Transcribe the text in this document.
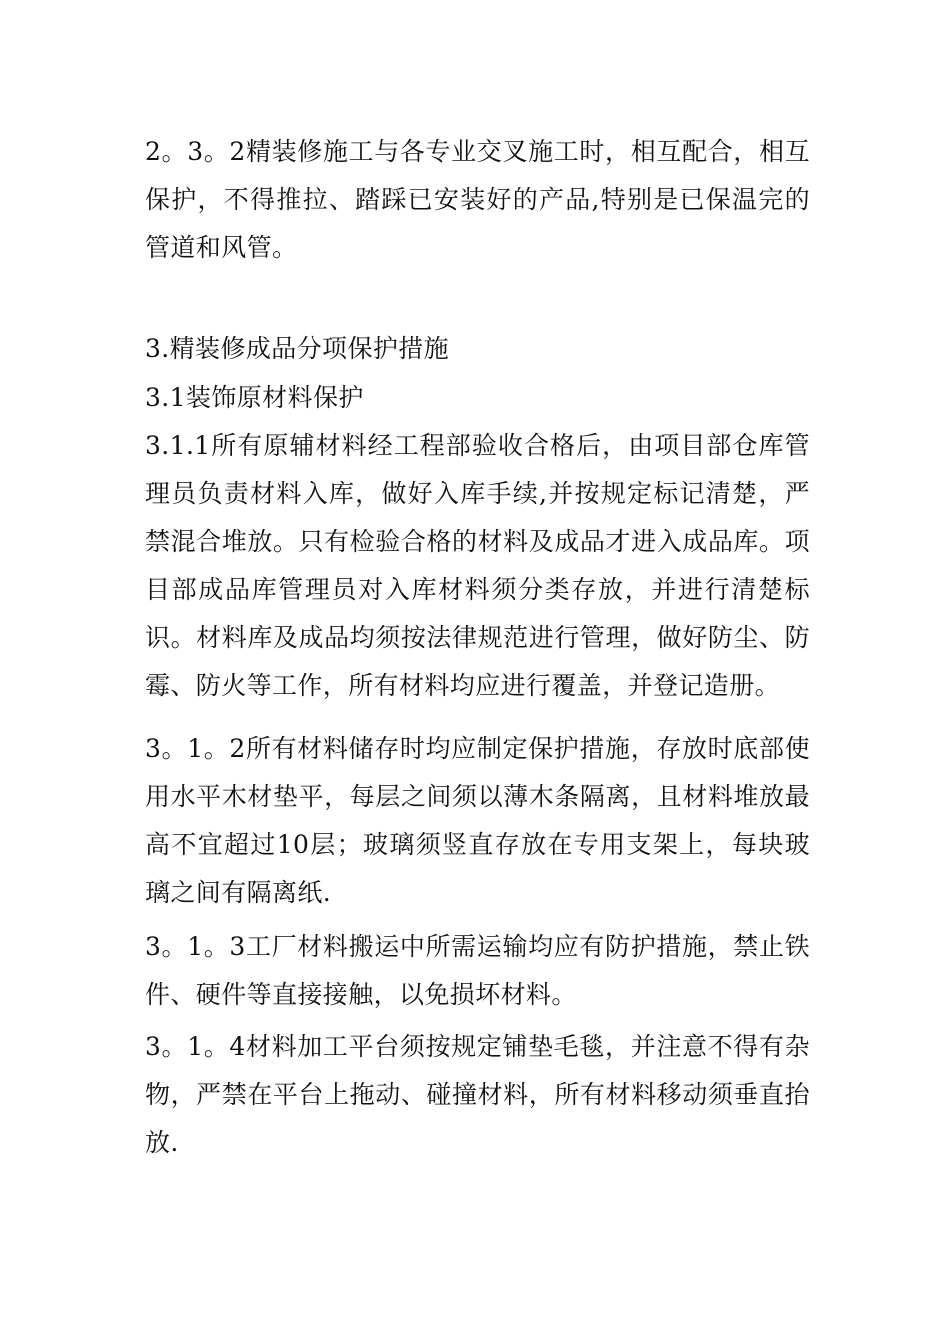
2。3。2精装修施工与各专业交叉施工时，相互配合，相互保护，不得推拉、踏踩已安装好的产品,特别是已保温完的管道和风管。

3.精装修成品分项保护措施

3.1装饰原材料保护

3.1.1所有原辅材料经工程部验收合格后，由项目部仓库管理员负责材料入库，做好入库手续,并按规定标记清楚，严禁混合堆放。只有检验合格的材料及成品才进入成品库。项目部成品库管理员对入库材料须分类存放，并进行清楚标识。材料库及成品均须按法律规范进行管理，做好防尘、防霉、防火等工作，所有材料均应进行覆盖，并登记造册。

3。1。2所有材料储存时均应制定保护措施，存放时底部使用水平木材垫平，每层之间须以薄木条隔离，且材料堆放最高不宜超过10层；玻璃须竖直存放在专用支架上，每块玻璃之间有隔离纸.

3。1。3工厂材料搬运中所需运输均应有防护措施，禁止铁件、硬件等直接接触，以免损坏材料。

3。1。4材料加工平台须按规定铺垫毛毯，并注意不得有杂物，严禁在平台上拖动、碰撞材料，所有材料移动须垂直抬放.
